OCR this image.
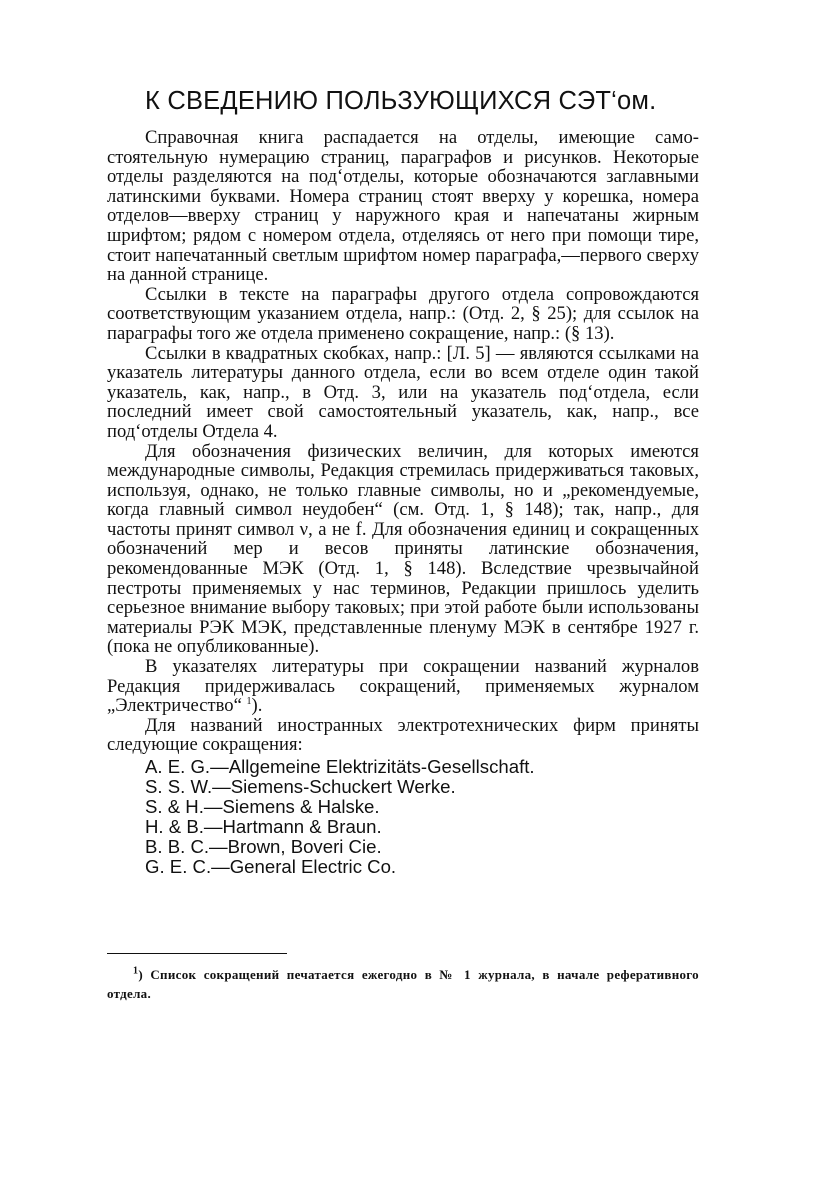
К СВЕДЕНИЮ ПОЛЬЗУЮЩИХСЯ СЭТ‘ом.

Справочная книга распадается на отделы, имеющие самостоятельную нумерацию страниц, параграфов и рисунков. Некоторые отделы разделяются на под‘отделы, которые обозначаются заглавными латинскими буквами. Номера страниц стоят вверху у корешка, номера отделов—вверху страниц у наружного края и напечатаны жирным шрифтом; рядом с номером отдела, отделяясь от него при помощи тире, стоит напечатанный светлым шрифтом номер параграфа,—первого сверху на данной странице.

Ссылки в тексте на параграфы другого отдела сопровождаются соответствующим указанием отдела, напр.: (Отд. 2, § 25); для ссылок на параграфы того же отдела применено сокращение, напр.: (§ 13).

Ссылки в квадратных скобках, напр.: [Л. 5] — являются ссылками на указатель литературы данного отдела, если во всем отделе один такой указатель, как, напр., в Отд. 3, или на указатель под‘отдела, если последний имеет свой самостоятельный указатель, как, напр., все под‘отделы Отдела 4.

Для обозначения физических величин, для которых имеются международные символы, Редакция стремилась придерживаться таковых, используя, однако, не только главные символы, но и „рекомендуемые, когда главный символ неудобен“ (см. Отд. 1, § 148); так, напр., для частоты принят символ ν, а не f. Для обозначения единиц и сокращенных обозначений мер и весов приняты латинские обозначения, рекомендованные МЭК (Отд. 1, § 148). Вследствие чрезвычайной пестроты применяемых у нас терминов, Редакции пришлось уделить серьезное внимание выбору таковых; при этой работе были использованы материалы РЭК МЭК, представленные пленуму МЭК в сентябре 1927 г. (пока не опубликованные).

В указателях литературы при сокращении названий журналов Редакция придерживалась сокращений, применяемых журналом „Электричество“ $^1$).

Для названий иностранных электротехнических фирм приняты следующие сокращения:

A. E. G.—Allgemeine Elektrizitäts-Gesellschaft.
S. S. W.—Siemens-Schuckert Werke.
S. & H.—Siemens & Halske.
H. & B.—Hartmann & Braun.
B. B. C.—Brown, Boveri Cie.
G. E. C.—General Electric Co.

$^1$) Список сокращений печатается ежегодно в № 1 журнала, в начале реферативного отдела.
